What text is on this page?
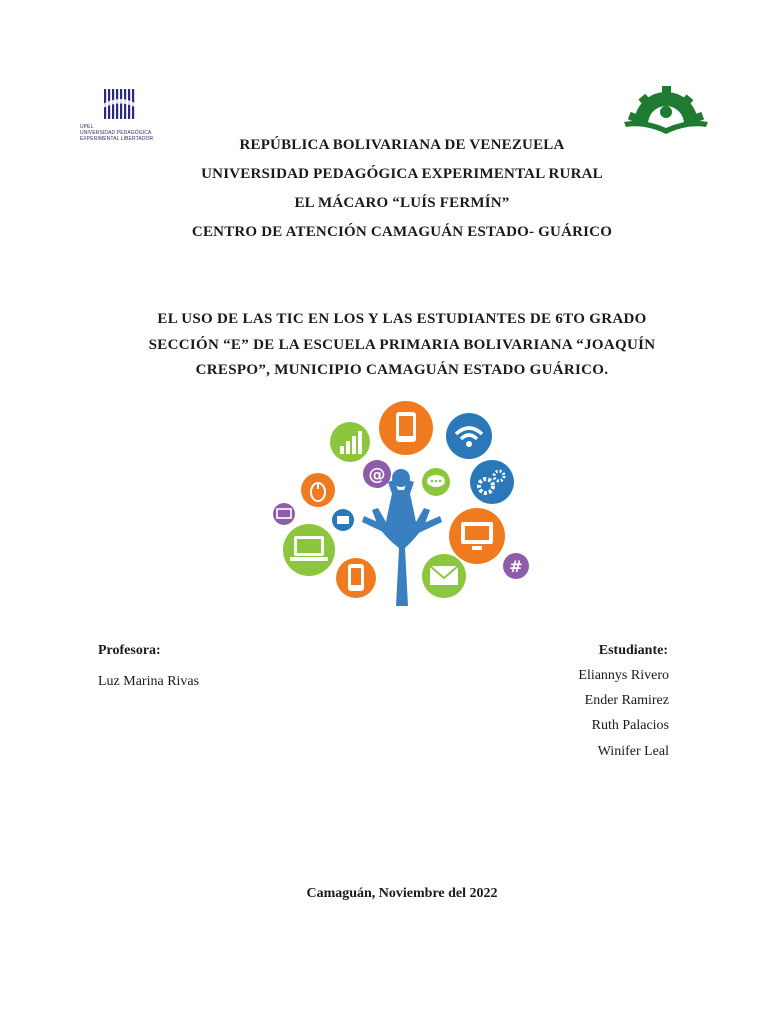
UPEL
UNIVERSIDAD PEDAGÓGICA
EXPERIMENTAL LIBERTADOR	REPÚBLICA BOLIVARIANA DE VENEZUELA
UNIVERSIDAD PEDAGÓGICA EXPERIMENTAL RURAL
EL MÁCARO “LUÍS FERMÍN”
CENTRO DE ATENCIÓN CAMAGUÁN ESTADO- GUÁRICO
EL USO DE LAS TIC EN LOS Y LAS ESTUDIANTES DE 6TO GRADO
SECCIÓN “E” DE LA ESCUELA PRIMARIA BOLIVARIANA “JOAQUÍN
CRESPO”, MUNICIPIO CAMAGUÁN ESTADO GUÁRICO.
@
#
Profesora:
Luz Marina Rivas
Estudiante:
Eliannys Rivero
Ender Ramirez
Ruth Palacios
Winifer Leal
Camaguán, Noviembre del 2022
